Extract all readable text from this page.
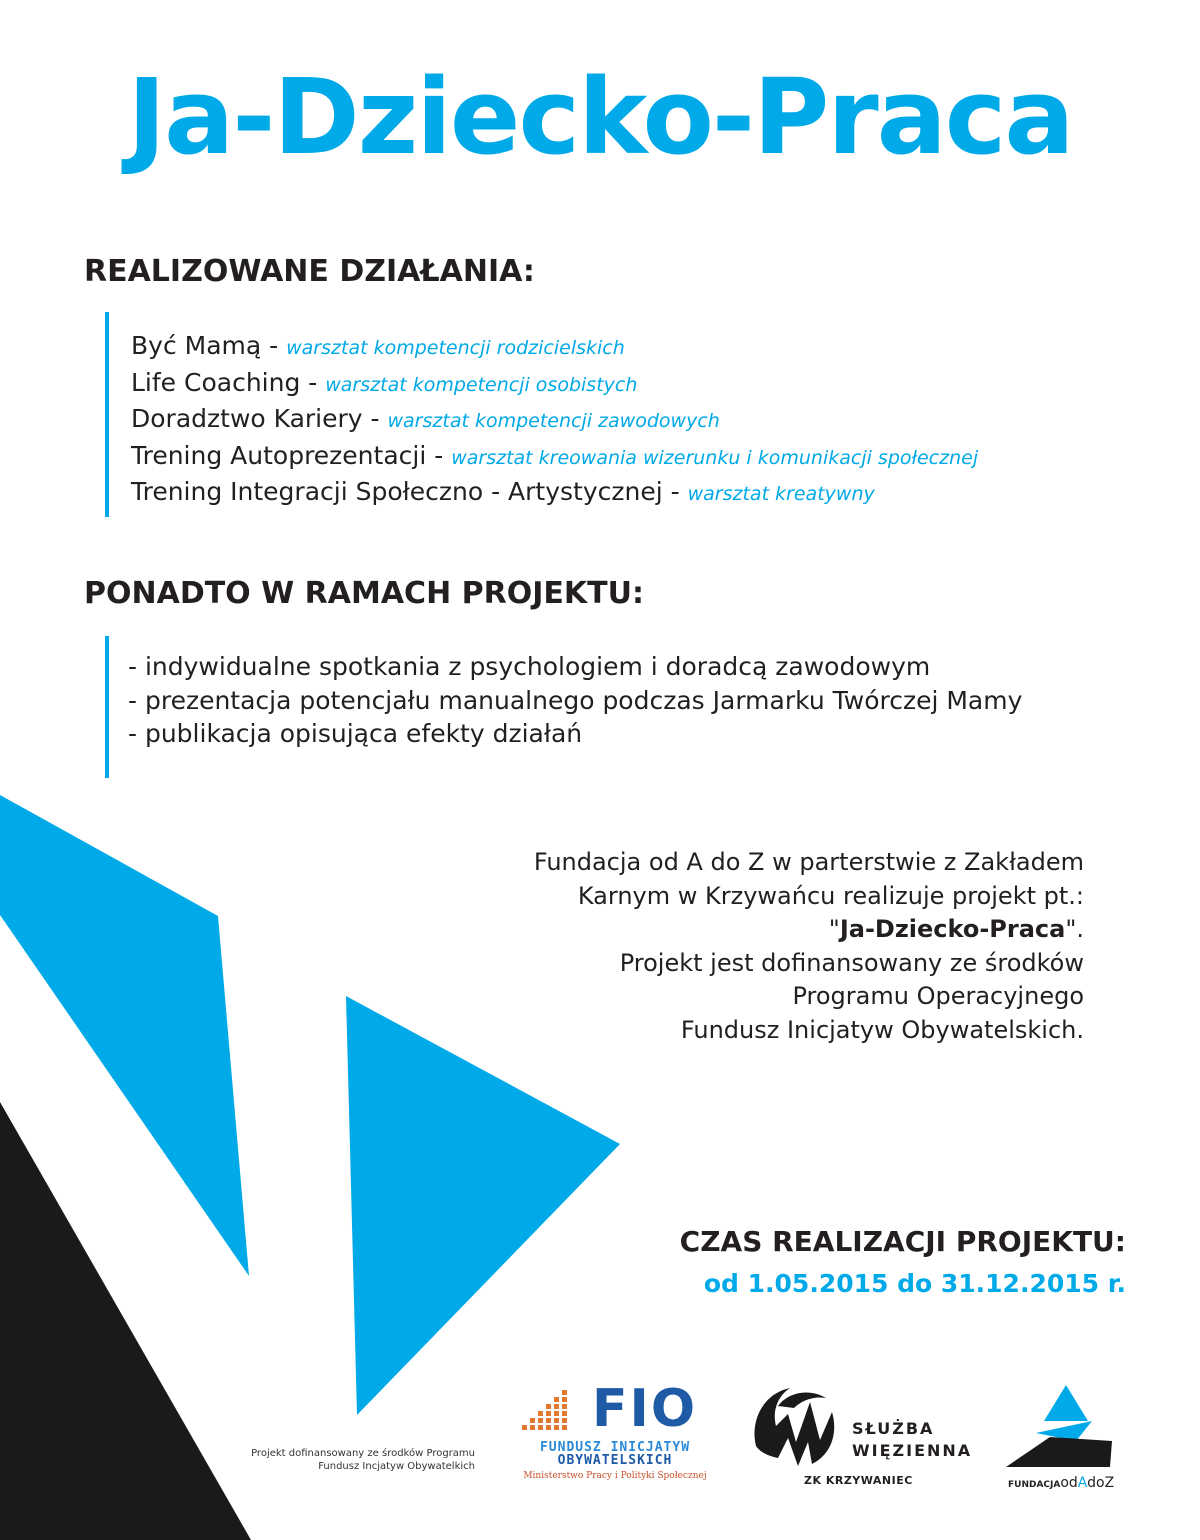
Ja-Dziecko-Praca
REALIZOWANE DZIAŁANIA:
Być Mamą - warsztat kompetencji rodzicielskich
Life Coaching - warsztat kompetencji osobistych
Doradztwo Kariery - warsztat kompetencji zawodowych
Trening Autoprezentacji - warsztat kreowania wizerunku i komunikacji społecznej
Trening Integracji Społeczno - Artystycznej - warsztat kreatywny
PONADTO W RAMACH PROJEKTU:
- indywidualne spotkania z psychologiem i doradcą zawodowym
- prezentacja potencjału manualnego podczas Jarmarku Twórczej Mamy
- publikacja opisująca efekty działań
Fundacja od A do Z w parterstwie z Zakładem
Karnym w Krzywańcu realizuje projekt pt.:
"Ja-Dziecko-Praca".
Projekt jest dofinansowany ze środków
Programu Operacyjnego
Fundusz Inicjatyw Obywatelskich.
CZAS REALIZACJI PROJEKTU:
od 1.05.2015 do 31.12.2015 r.
Projekt dofinansowany ze środków Programu
Fundusz Incjatyw Obywatelkich
FIO
FUNDUSZ INICJATYW
OBYWATELSKICH
Ministerstwo Pracy i Polityki Społecznej
SŁUŻBA
WIĘZIENNA
ZK KRZYWANIEC	FUNDACJAodAdoZ
